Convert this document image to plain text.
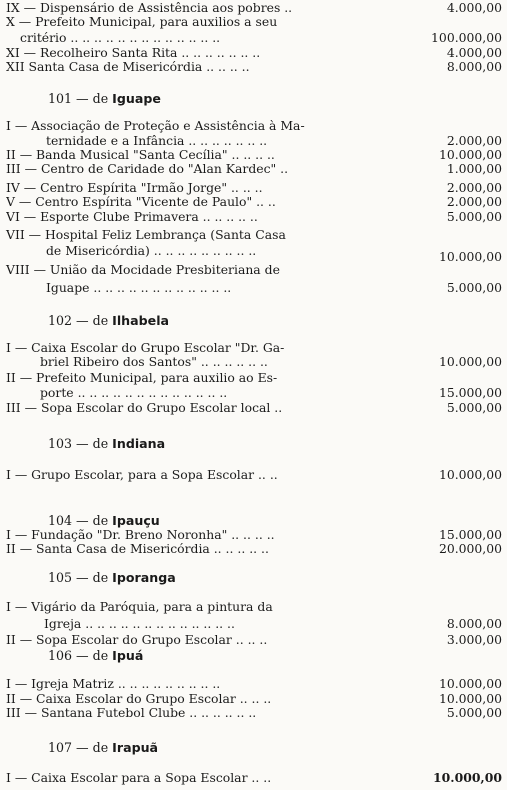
IX — Dispensário de Assistência aos pobres ..	4.000,00
X — Prefeito Municipal, para auxilios a seu
critério .. .. .. .. .. .. .. .. .. .. .. .. ..	100.000,00
XI — Recolheiro Santa Rita .. .. .. .. .. .. ..	4.000,00
XII Santa Casa de Misericórdia .. .. .. ..	8.000,00
101 — de Iguape
I — Associação de Proteção e Assistência à Ma-
ternidade e a Infância .. .. .. .. .. .. ..	2.000,00
II — Banda Musical "Santa Cecília" .. .. .. ..	10.000,00
III — Centro de Caridade do "Alan Kardec" ..	1.000,00
IV — Centro Espírita "Irmão Jorge" .. .. ..	2.000,00
V — Centro Espírita "Vicente de Paulo" .. ..	2.000,00
VI — Esporte Clube Primavera .. .. .. .. ..	5.000,00
VII — Hospital Feliz Lembrança (Santa Casa
de Misericórdia) .. .. .. .. .. .. .. .. ..	10.000,00
VIII — União da Mocidade Presbiteriana de
Iguape .. .. .. .. .. .. .. .. .. .. .. ..	5.000,00
102 — de Ilhabela
I — Caixa Escolar do Grupo Escolar "Dr. Ga-
briel Ribeiro dos Santos" .. .. .. .. .. ..	10.000,00
II — Prefeito Municipal, para auxilio ao Es-
porte .. .. .. .. .. .. .. .. .. .. .. .. ..	15.000,00
III — Sopa Escolar do Grupo Escolar local ..	5.000,00
103 — de Indiana
I — Grupo Escolar, para a Sopa Escolar .. ..	10.000,00
104 — de Ipauçu
I — Fundação "Dr. Breno Noronha" .. .. .. ..	15.000,00
II — Santa Casa de Misericórdia .. .. .. .. ..	20.000,00
105 — de Iporanga
I — Vigário da Paróquia, para a pintura da
Igreja .. .. .. .. .. .. .. .. .. .. .. .. ..	8.000,00
II — Sopa Escolar do Grupo Escolar .. .. ..	3.000,00
106 — de Ipuá
I — Igreja Matriz .. .. .. .. .. .. .. .. ..	10.000,00
II — Caixa Escolar do Grupo Escolar .. .. ..	10.000,00
III — Santana Futebol Clube .. .. .. .. .. ..	5.000,00
107 — de Irapuã
I — Caixa Escolar para a Sopa Escolar .. ..	10.000,00
